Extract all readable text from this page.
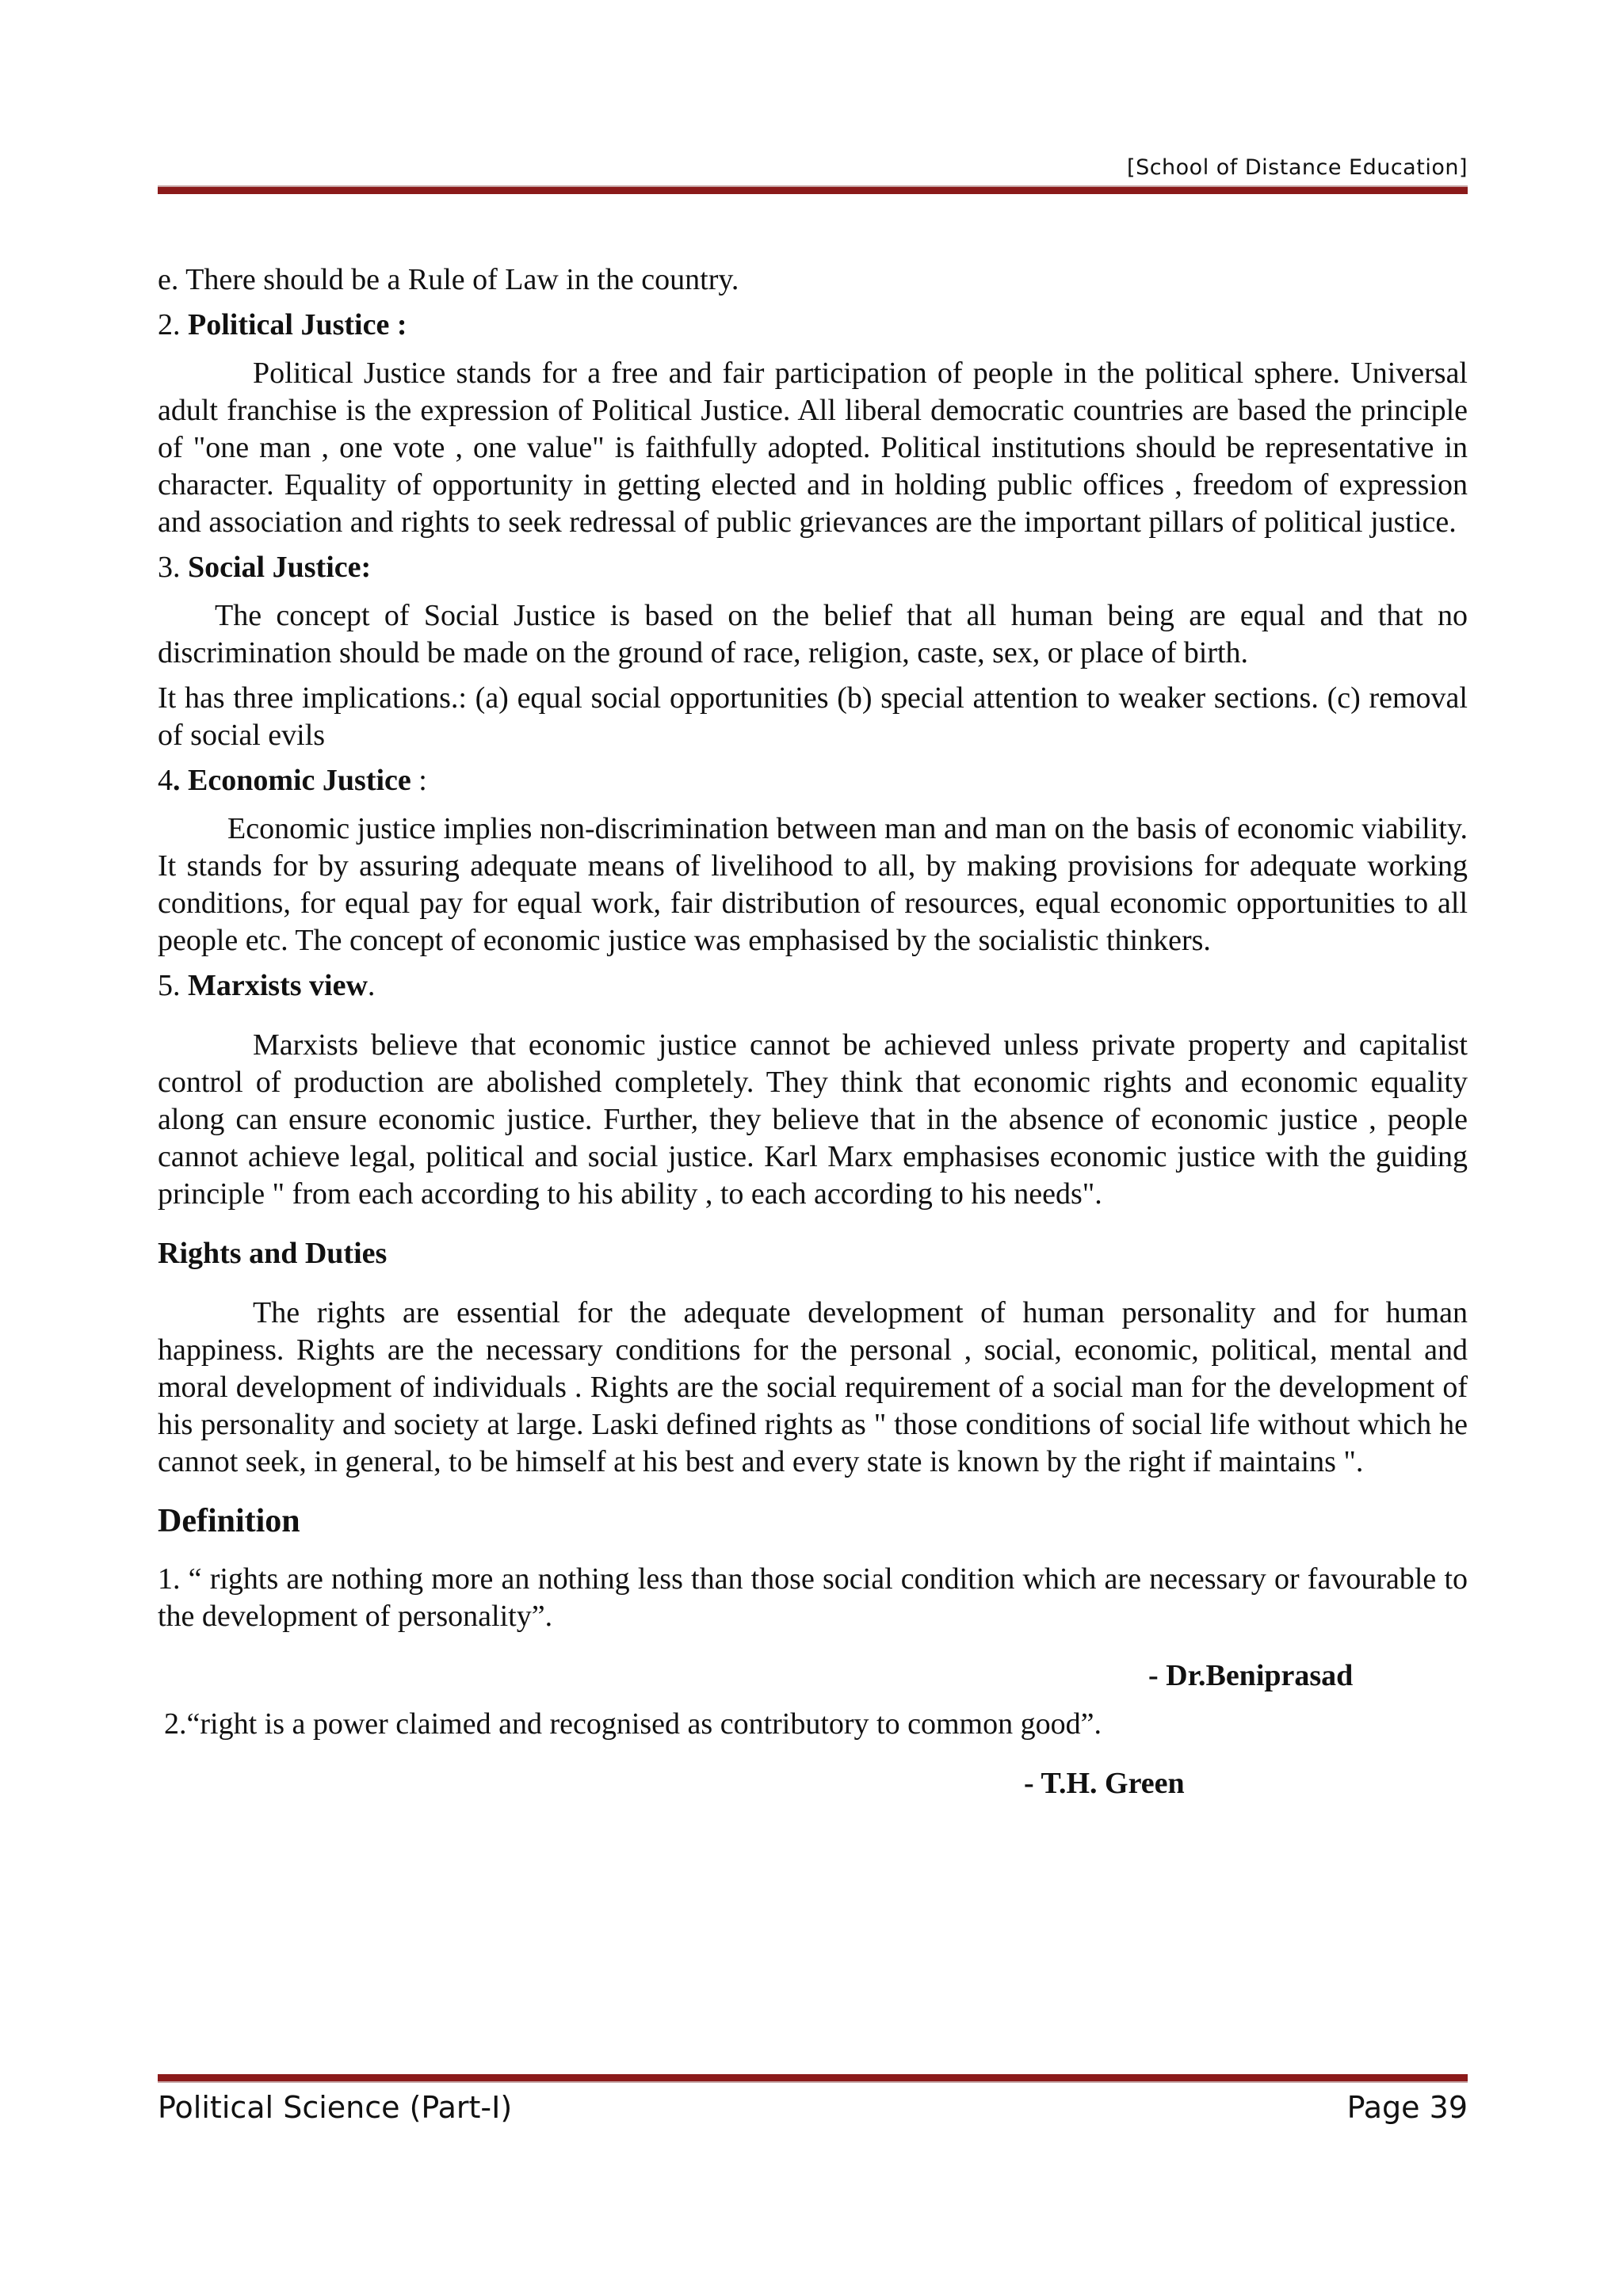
[School of Distance Education]

e. There should be a Rule of Law in the country.

2. Political Justice :

Political Justice stands for a free and fair participation of people in the political sphere. Universal adult franchise is the expression of Political Justice. All liberal democratic countries are based the principle of "one man , one vote , one value" is faithfully adopted. Political institutions should be representative in character. Equality of opportunity in getting elected and in holding public offices , freedom of expression and association and rights to seek redressal of public grievances are the important pillars of political justice.

3. Social Justice:

The concept of Social Justice is based on the belief that all human being are equal and that no discrimination should be made on the ground of race, religion, caste, sex, or place of birth.

It has three implications.: (a) equal social opportunities (b) special attention to weaker sections. (c) removal of social evils

4. Economic Justice :

Economic justice implies non-discrimination between man and man on the basis of economic viability. It stands for by assuring adequate means of livelihood to all, by making provisions for adequate working conditions, for equal pay for equal work, fair distribution of resources, equal economic opportunities to all people etc. The concept of economic justice was emphasised by the socialistic thinkers.

5. Marxists view.

Marxists believe that economic justice cannot be achieved unless private property and capitalist control of production are abolished completely. They think that economic rights and economic equality along can ensure economic justice. Further, they believe that in the absence of economic justice , people cannot achieve legal, political and social justice. Karl Marx emphasises economic justice with the guiding principle " from each according to his ability , to each according to his needs".

Rights and Duties

The rights are essential for the adequate development of human personality and for human happiness. Rights are the necessary conditions for the personal , social, economic, political, mental and moral development of individuals . Rights are the social requirement of a social man for the development of his personality and society at large. Laski defined rights as " those conditions of social life without which he cannot seek, in general, to be himself at his best and every state is known by the right if maintains ".

Definition

1. “ rights are nothing more an nothing less than those social condition which are necessary or favourable to the development of personality”.

- Dr.Beniprasad

2.“right is a power claimed and recognised as contributory to common good”.

- T.H. Green

Political Science (Part-I)	Page 39
